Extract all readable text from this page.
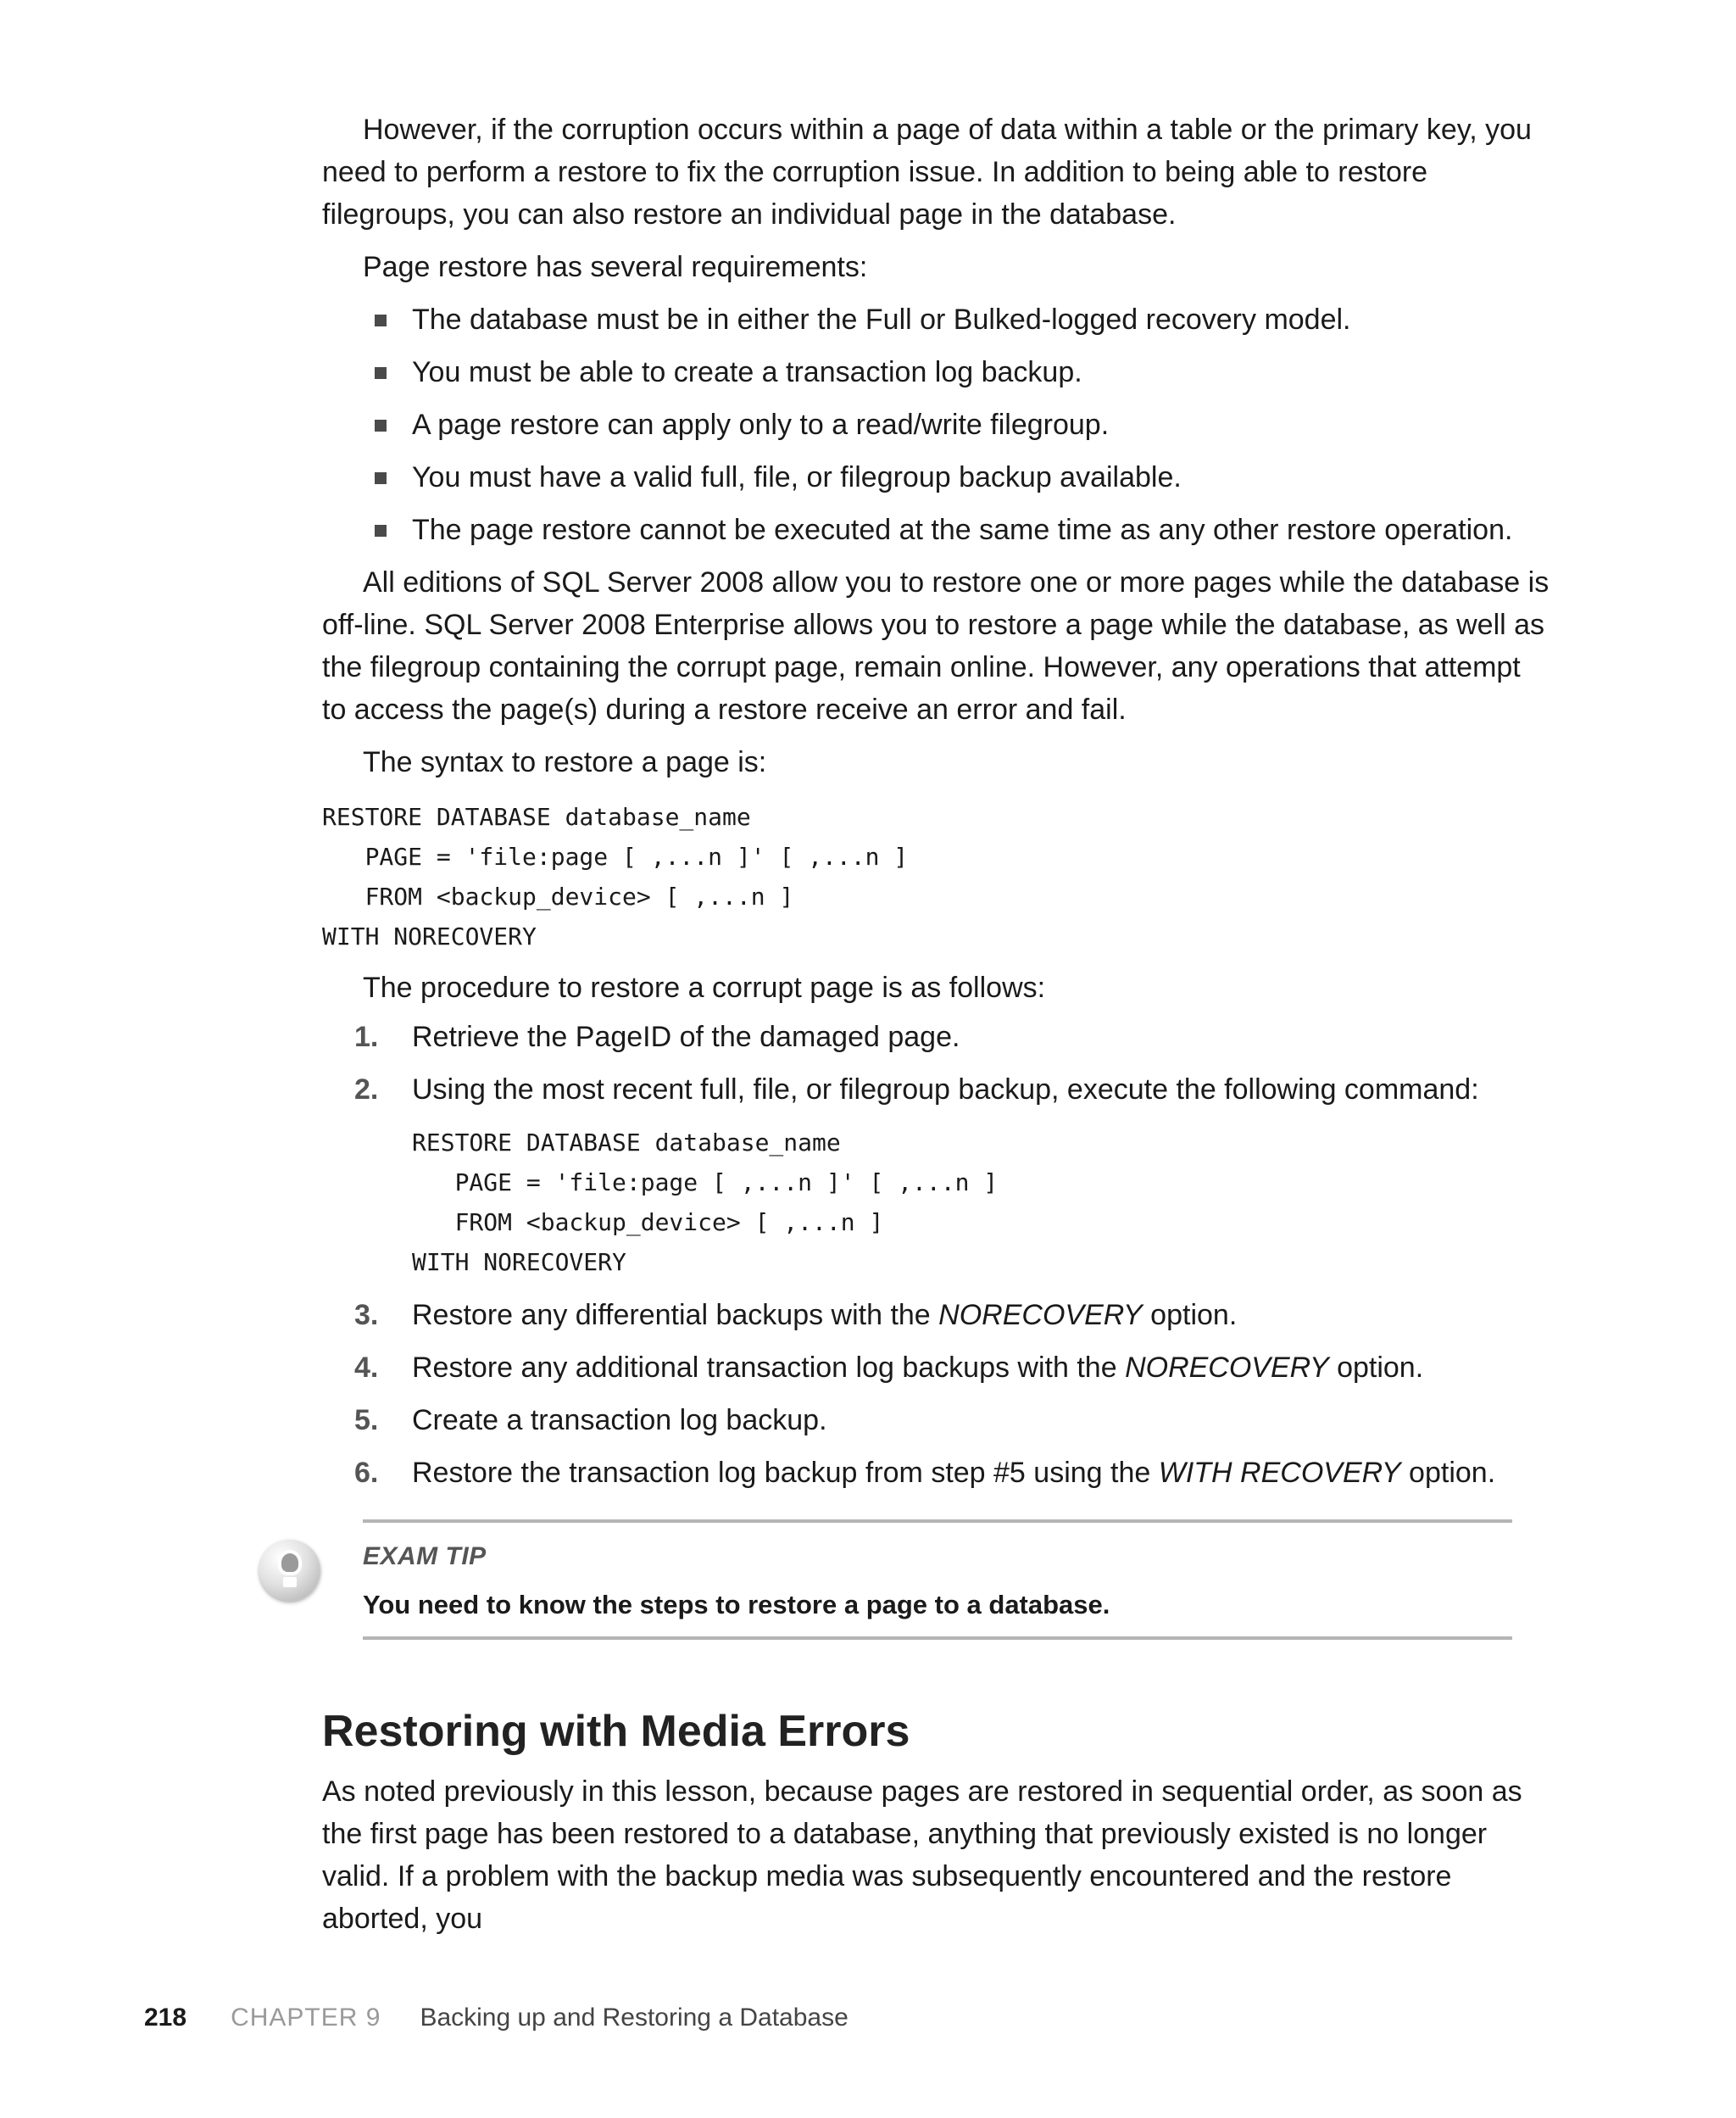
However, if the corruption occurs within a page of data within a table or the primary key, you need to perform a restore to fix the corruption issue. In addition to being able to restore filegroups, you can also restore an individual page in the database.

Page restore has several requirements:

The database must be in either the Full or Bulked-logged recovery model.
You must be able to create a transaction log backup.
A page restore can apply only to a read/write filegroup.
You must have a valid full, file, or filegroup backup available.
The page restore cannot be executed at the same time as any other restore operation.

All editions of SQL Server 2008 allow you to restore one or more pages while the database is off-line. SQL Server 2008 Enterprise allows you to restore a page while the database, as well as the filegroup containing the corrupt page, remain online. However, any operations that attempt to access the page(s) during a restore receive an error and fail.

The syntax to restore a page is:

RESTORE DATABASE database_name
PAGE = 'file:page [ ,...n ]' [ ,...n ]
FROM <backup_device> [ ,...n ]
WITH NORECOVERY

The procedure to restore a corrupt page is as follows:

1.	Retrieve the PageID of the damaged page.
2.	Using the most recent full, file, or filegroup backup, execute the following command:
RESTORE DATABASE database_name
PAGE = 'file:page [ ,...n ]' [ ,...n ]
FROM <backup_device> [ ,...n ]
WITH NORECOVERY
3.	Restore any differential backups with the NORECOVERY option.
4.	Restore any additional transaction log backups with the NORECOVERY option.
5.	Create a transaction log backup.
6.	Restore the transaction log backup from step #5 using the WITH RECOVERY option.
EXAM TIP
You need to know the steps to restore a page to a database.
Restoring with Media Errors

As noted previously in this lesson, because pages are restored in sequential order, as soon as the first page has been restored to a database, anything that previously existed is no longer valid. If a problem with the backup media was subsequently encountered and the restore aborted, you

218 CHAPTER 9 Backing up and Restoring a Database
